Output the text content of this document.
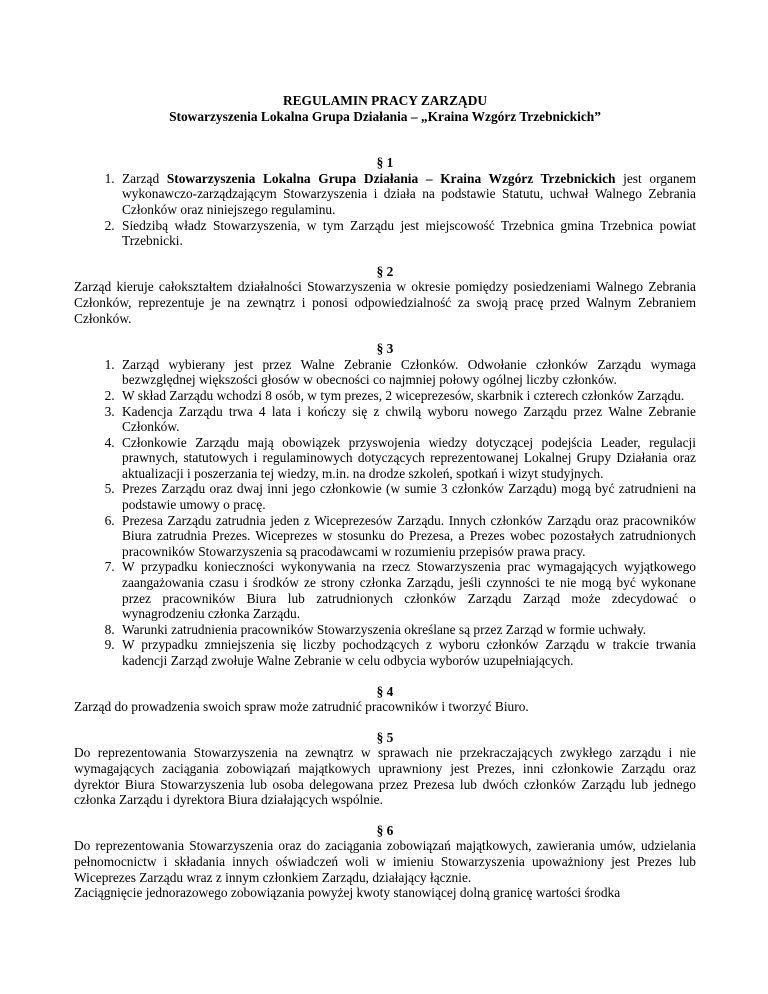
REGULAMIN PRACY ZARZĄDU
Stowarzyszenia Lokalna Grupa Działania – „Kraina Wzgórz Trzebnickich”
§ 1
1. Zarząd Stowarzyszenia Lokalna Grupa Działania – Kraina Wzgórz Trzebnickich jest organem wykonawczo-zarządzającym Stowarzyszenia i działa na podstawie Statutu, uchwał Walnego Zebrania Członków oraz niniejszego regulaminu.
2. Siedzibą władz Stowarzyszenia, w tym Zarządu jest miejscowość Trzebnica gmina Trzebnica powiat Trzebnicki.
§ 2

Zarząd kieruje całokształtem działalności Stowarzyszenia w okresie pomiędzy posiedzeniami Walnego Zebrania Członków, reprezentuje je na zewnątrz i ponosi odpowiedzialność za swoją pracę przed Walnym Zebraniem Członków.

§ 3
1. Zarząd wybierany jest przez Walne Zebranie Członków. Odwołanie członków Zarządu wymaga bezwzględnej większości głosów w obecności co najmniej połowy ogólnej liczby członków.
2. W skład Zarządu wchodzi 8 osób, w tym prezes, 2 wiceprezesów, skarbnik i czterech członków Zarządu.
3. Kadencja Zarządu trwa 4 lata i kończy się z chwilą wyboru nowego Zarządu przez Walne Zebranie Członków.
4. Członkowie Zarządu mają obowiązek przyswojenia wiedzy dotyczącej podejścia Leader, regulacji prawnych, statutowych i regulaminowych dotyczących reprezentowanej Lokalnej Grupy Działania oraz aktualizacji i poszerzania tej wiedzy, m.in. na drodze szkoleń, spotkań i wizyt studyjnych.
5. Prezes Zarządu oraz dwaj inni jego członkowie (w sumie 3 członków Zarządu) mogą być zatrudnieni na podstawie umowy o pracę.
6. Prezesa Zarządu zatrudnia jeden z Wiceprezesów Zarządu. Innych członków Zarządu oraz pracowników Biura zatrudnia Prezes. Wiceprezes w stosunku do Prezesa, a Prezes wobec pozostałych zatrudnionych pracowników Stowarzyszenia są pracodawcami w rozumieniu przepisów prawa pracy.
7. W przypadku konieczności wykonywania na rzecz Stowarzyszenia prac wymagających wyjątkowego zaangażowania czasu i środków ze strony członka Zarządu, jeśli czynności te nie mogą być wykonane przez pracowników Biura lub zatrudnionych członków Zarządu Zarząd może zdecydować o wynagrodzeniu członka Zarządu.
8. Warunki zatrudnienia pracowników Stowarzyszenia określane są przez Zarząd w formie uchwały.
9. W przypadku zmniejszenia się liczby pochodzących z wyboru członków Zarządu w trakcie trwania kadencji Zarząd zwołuje Walne Zebranie w celu odbycia wyborów uzupełniających.
§ 4

Zarząd do prowadzenia swoich spraw może zatrudnić pracowników i tworzyć Biuro.

§ 5

Do reprezentowania Stowarzyszenia na zewnątrz w sprawach nie przekraczających zwykłego zarządu i nie wymagających zaciągania zobowiązań majątkowych uprawniony jest Prezes, inni członkowie Zarządu oraz dyrektor Biura Stowarzyszenia lub osoba delegowana przez Prezesa lub dwóch członków Zarządu lub jednego członka Zarządu i dyrektora Biura działających wspólnie.

§ 6

Do reprezentowania Stowarzyszenia oraz do zaciągania zobowiązań majątkowych, zawierania umów, udzielania pełnomocnictw i składania innych oświadczeń woli w imieniu Stowarzyszenia upoważniony jest Prezes lub Wiceprezes Zarządu wraz z innym członkiem Zarządu, działający łącznie.

Zaciągnięcie jednorazowego zobowiązania powyżej kwoty stanowiącej dolną granicę wartości środka
